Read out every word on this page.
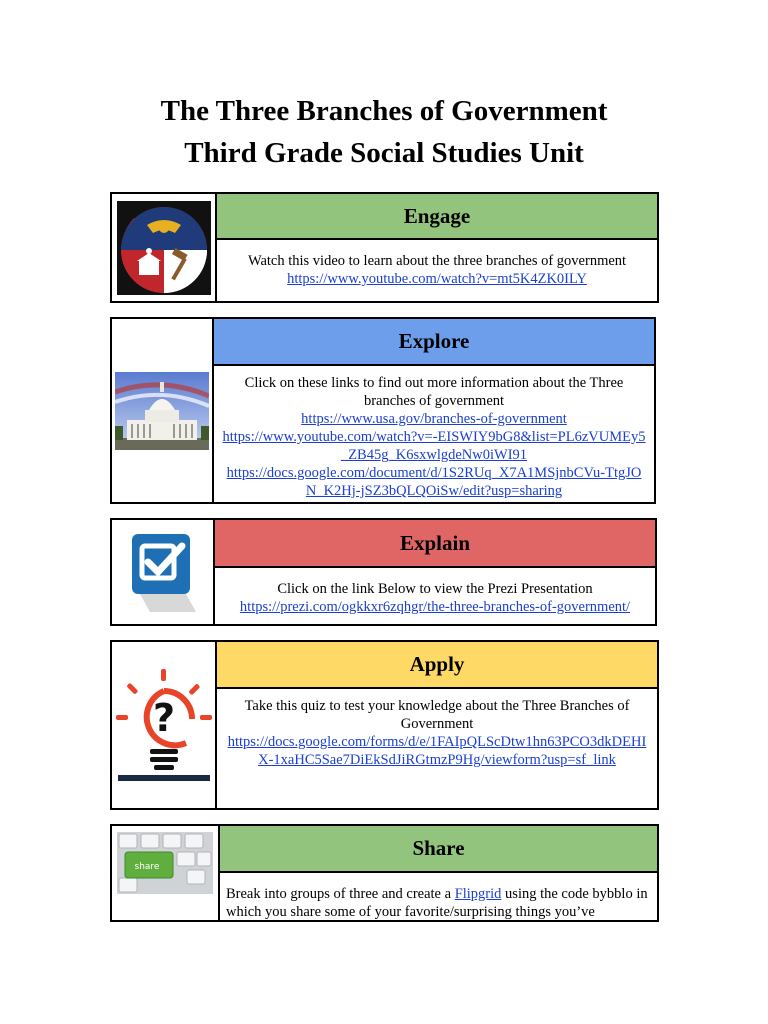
The Three Branches of Government
Third Grade Social Studies Unit
Engage
Watch this video to learn about the three branches of government
https://www.youtube.com/watch?v=mt5K4ZK0ILY
Explore
Click on these links to find out more information about the Three branches of government
https://www.usa.gov/branches-of-government
https://www.youtube.com/watch?v=-EISWIY9bG8&list=PL6zVUMEy5_ZB45g_K6sxwlgdeNw0iWI91
https://docs.google.com/document/d/1S2RUq_X7A1MSjnbCVu-TtgJON_K2Hj-jSZ3bQLQOiSw/edit?usp=sharing
Explain
Click on the link Below to view the Prezi Presentation
https://prezi.com/ogkkxr6zqhgr/the-three-branches-of-government/
?
Apply
Take this quiz to test your knowledge about the Three Branches of Government
https://docs.google.com/forms/d/e/1FAIpQLScDtw1hn63PCO3dkDEHIX-1xaHC5Sae7DiEkSdJiRGtmzP9Hg/viewform?usp=sf_link
share
Share
Break into groups of three and create a Flipgrid using the code bybblo in which you share some of your favorite/surprising things you’ve
